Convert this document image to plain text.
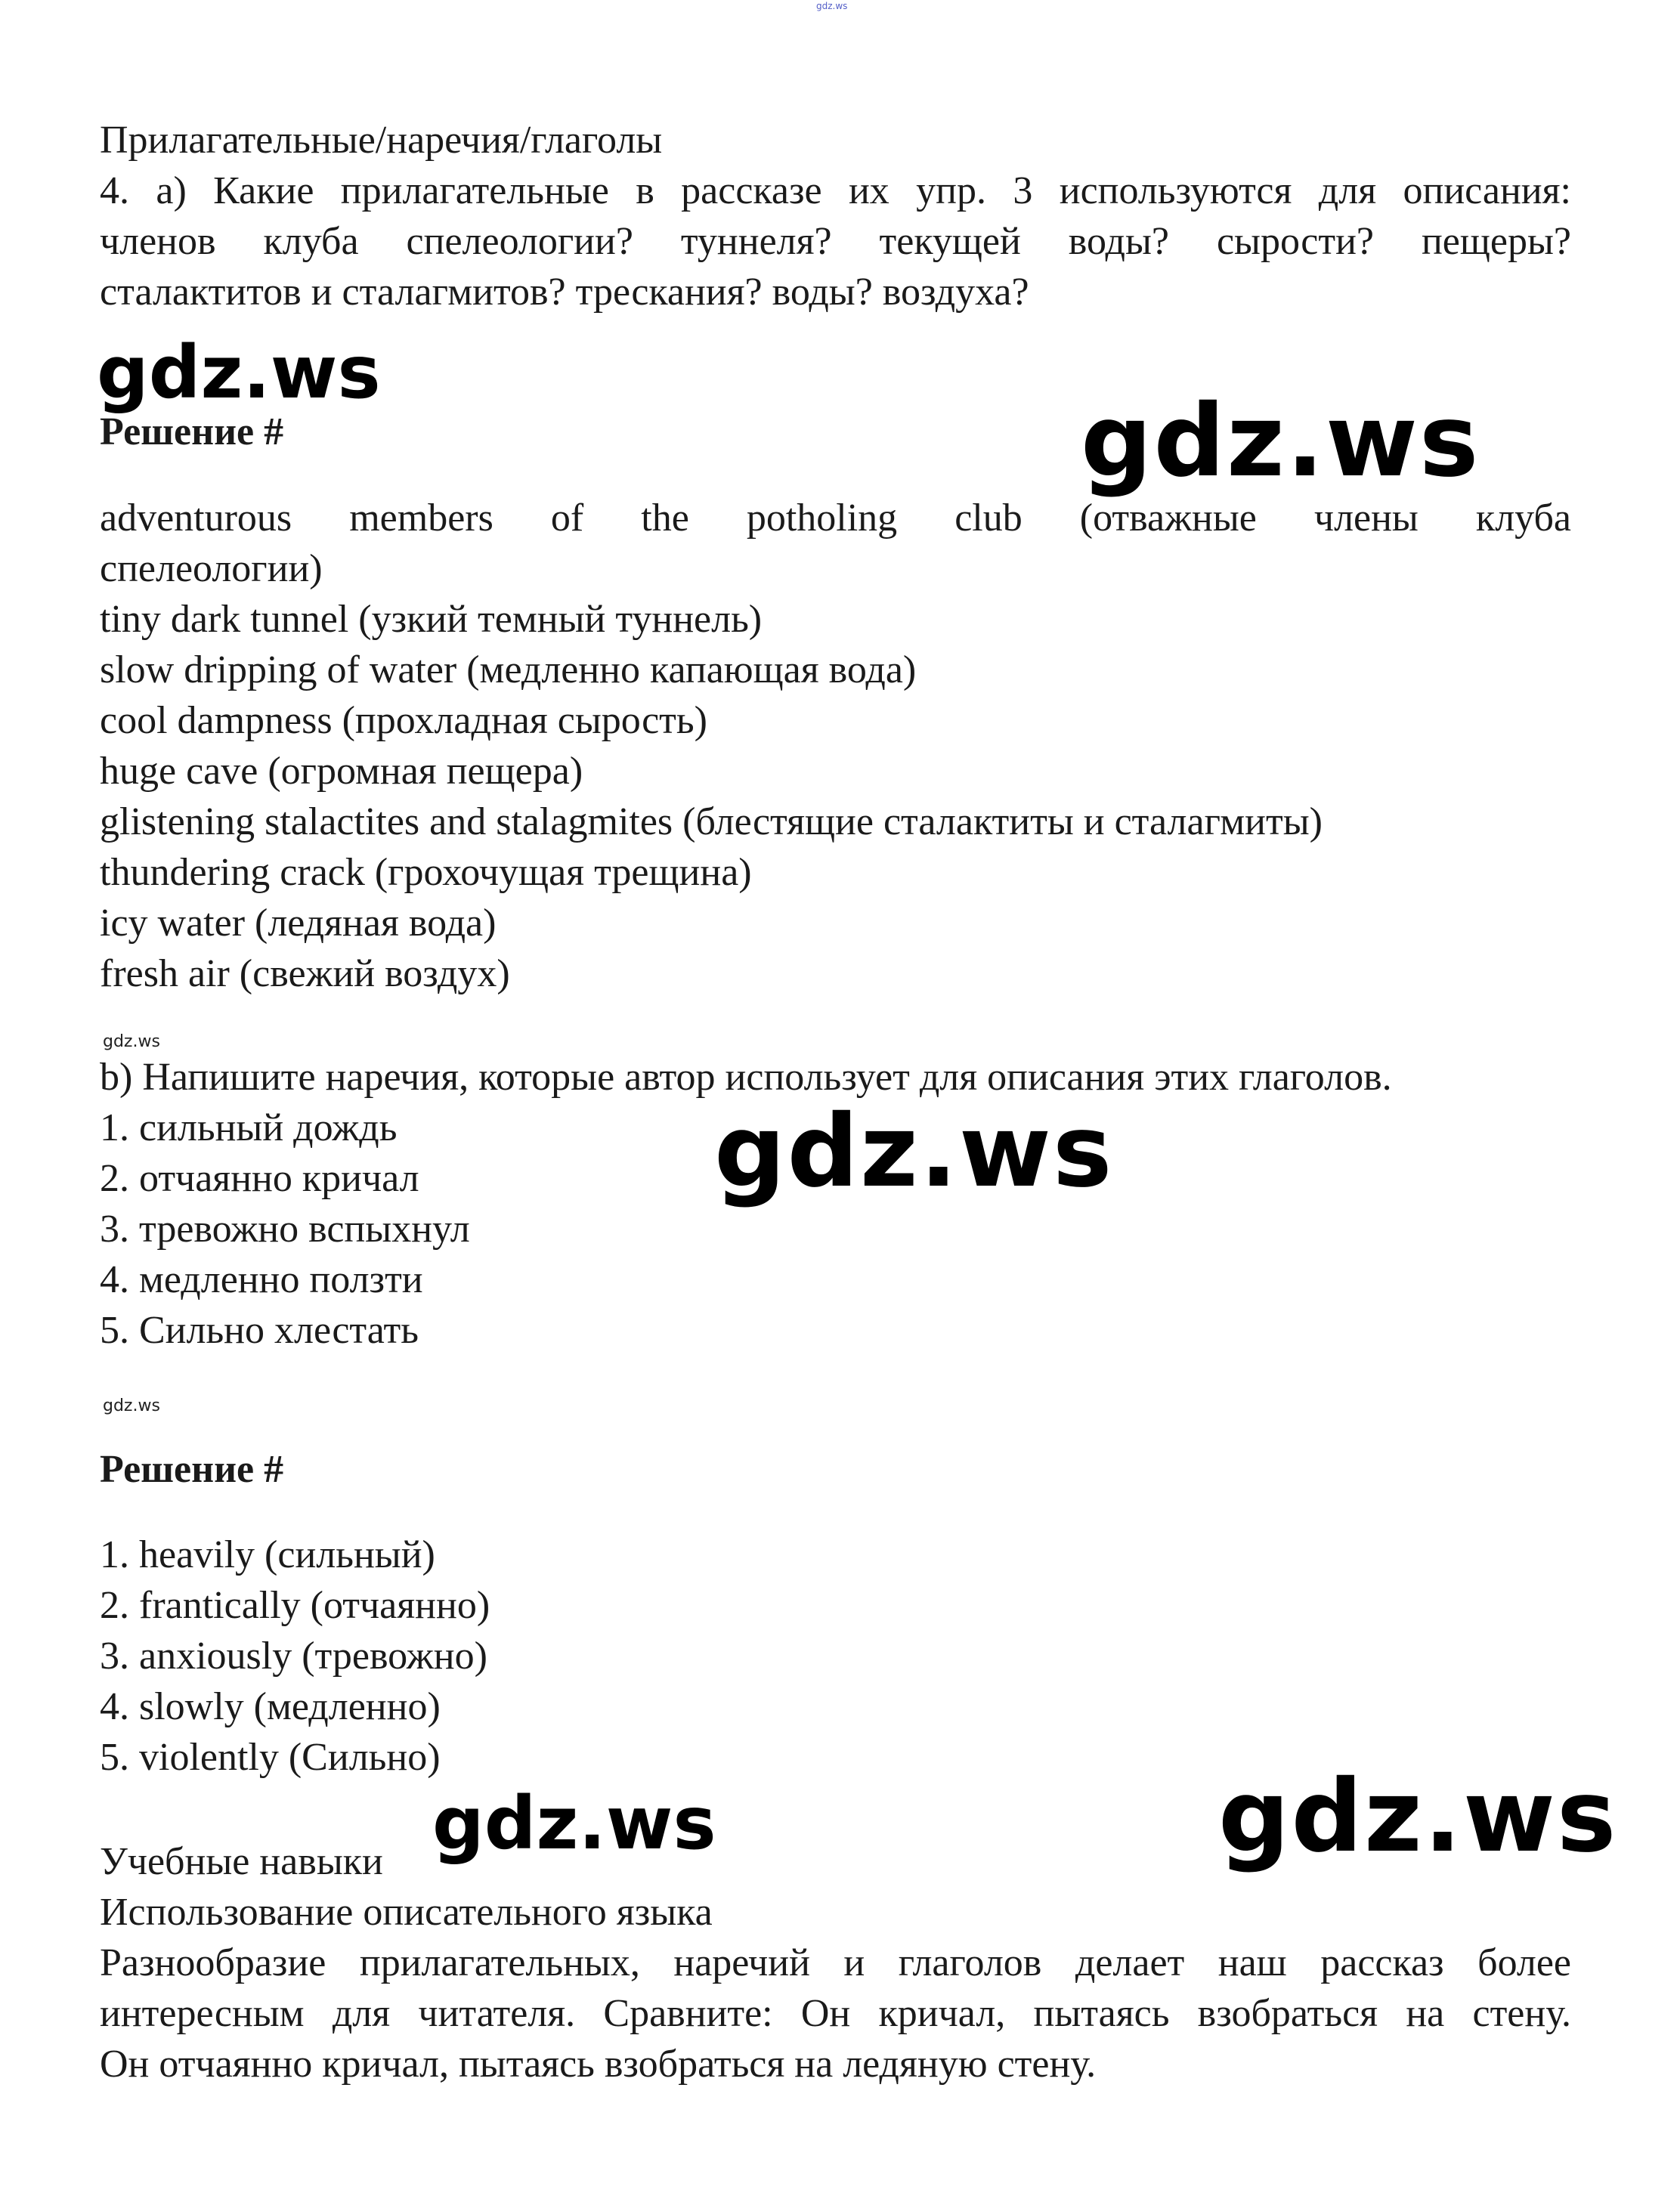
gdz.ws
Прилагательные/наречия/глаголы
4. a) Какие прилагательные в рассказе их упр. 3 используются для описания:
членов клуба спелеологии? туннеля? текущей воды? сырости? пещеры?
сталактитов и сталагмитов? трескания? воды? воздуха?
gdz.ws
Решение #	gdz.ws
adventurous members of the potholing club (отважные члены клуба
спелеологии)
tiny dark tunnel (узкий темный туннель)
slow dripping of water (медленно капающая вода)
cool dampness (прохладная сырость)
huge cave (огромная пещера)
glistening stalactites and stalagmites (блестящие сталактиты и сталагмиты)
thundering crack (грохочущая трещина)
icy water (ледяная вода)
fresh air (свежий воздух)
gdz.ws
b) Напишите наречия, которые автор использует для описания этих глаголов.
1. сильный дождь
2. отчаянно кричал
3. тревожно вспыхнул
4. медленно ползти
5. Сильно хлестать
gdz.ws
gdz.ws
Решение #
1. heavily (сильный)
2. frantically (отчаянно)
3. anxiously (тревожно)
4. slowly (медленно)
5. violently (Сильно)
gdz.ws	gdz.ws
Учебные навыки
Использование описательного языка
Разнообразие прилагательных, наречий и глаголов делает наш рассказ более
интересным для читателя. Сравните: Он кричал, пытаясь взобраться на стену.
Он отчаянно кричал, пытаясь взобраться на ледяную стену.
